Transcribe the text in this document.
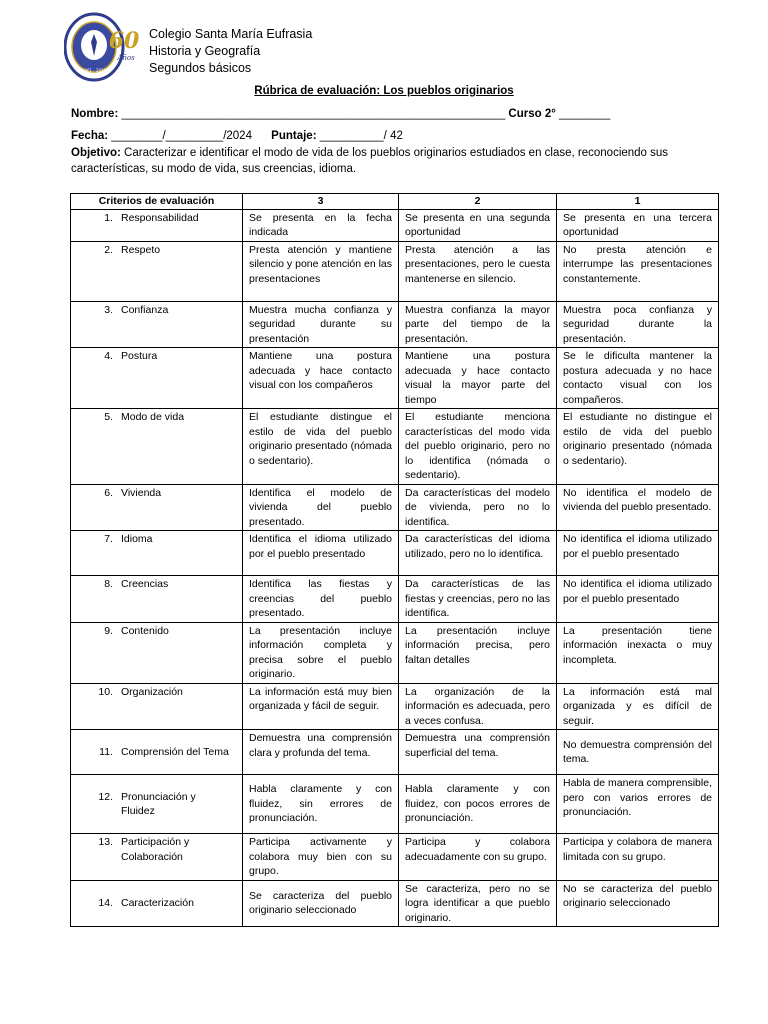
60
Años
1961 · 2021
Colegio Santa María Eufrasia
Historia y Geografía
Segundos básicos
Rúbrica de evaluación: Los pueblos originarios
Nombre: ____________________________________________________________ Curso 2° ________
Fecha: ________/_________/2024 Puntaje: __________/ 42
Objetivo: Caracterizar e identificar el modo de vida de los pueblos originarios estudiados en clase, reconociendo sus características, su modo de vida, sus creencias, idioma.
Criterios de evaluación	3	2	1
1. Responsabilidad	Se presenta en la fecha indicada	Se presenta en una segunda oportunidad	Se presenta en una tercera oportunidad
2. Respeto	Presta atención y mantiene silencio y pone atención en las presentaciones	Presta atención a las presentaciones, pero le cuesta mantenerse en silencio.	No presta atención e interrumpe las presentaciones constantemente.
3. Confianza	Muestra mucha confianza y seguridad durante su presentación	Muestra confianza la mayor parte del tiempo de la presentación.	Muestra poca confianza y seguridad durante la presentación.
4. Postura	Mantiene una postura adecuada y hace contacto visual con los compañeros	Mantiene una postura adecuada y hace contacto visual la mayor parte del tiempo	Se le dificulta mantener la postura adecuada y no hace contacto visual con los compañeros.
5. Modo de vida	El estudiante distingue el estilo de vida del pueblo originario presentado (nómada o sedentario).	El estudiante menciona características del modo vida del pueblo originario, pero no lo identifica (nómada o sedentario).	El estudiante no distingue el estilo de vida del pueblo originario presentado (nómada o sedentario).
6. Vivienda	Identifica el modelo de vivienda del pueblo presentado.	Da características del modelo de vivienda, pero no lo identifica.	No identifica el modelo de vivienda del pueblo presentado.
7. Idioma	Identifica el idioma utilizado por el pueblo presentado	Da características del idioma utilizado, pero no lo identifica.	No identifica el idioma utilizado por el pueblo presentado
8. Creencias	Identifica las fiestas y creencias del pueblo presentado.	Da características de las fiestas y creencias, pero no las identifica.	No identifica el idioma utilizado por el pueblo presentado
9. Contenido	La presentación incluye información completa y precisa sobre el pueblo originario.	La presentación incluye información precisa, pero faltan detalles	La presentación tiene información inexacta o muy incompleta.
10. Organización	La información está muy bien organizada y fácil de seguir.	La organización de la información es adecuada, pero a veces confusa.	La información está mal organizada y es difícil de seguir.
11. Comprensión del Tema	Demuestra una comprensión clara y profunda del tema.	Demuestra una comprensión superficial del tema.	No demuestra comprensión del tema.
12. Pronunciación y Fluidez	Habla claramente y con fluidez, sin errores de pronunciación.	Habla claramente y con fluidez, con pocos errores de pronunciación.	Habla de manera comprensible, pero con varios errores de pronunciación.
13. Participación y Colaboración	Participa activamente y colabora muy bien con su grupo.	Participa y colabora adecuadamente con su grupo.	Participa y colabora de manera limitada con su grupo.
14. Caracterización	Se caracteriza del pueblo originario seleccionado	Se caracteriza, pero no se logra identificar a que pueblo originario.	No se caracteriza del pueblo originario seleccionado
